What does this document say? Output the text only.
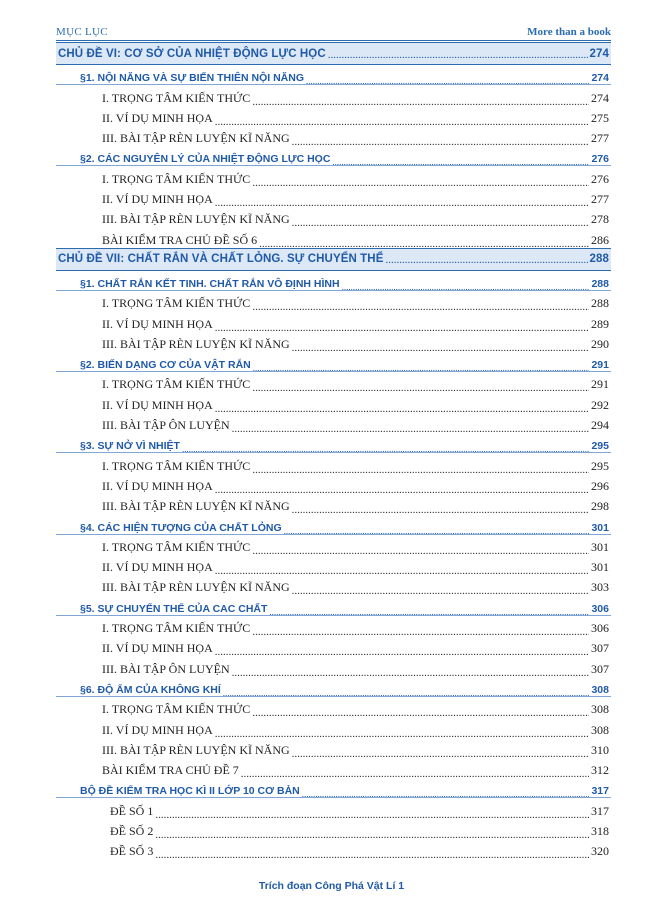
MỤC LỤC	More than a book
CHỦ ĐỀ VI: CƠ SỞ CỦA NHIỆT ĐỘNG LỰC HỌC .....	274
§1. NỘI NĂNG VÀ SỰ BIẾN THIÊN NỘI NĂNG .....	274
I. TRỌNG TÂM KIẾN THỨC .....	274
II. VÍ DỤ MINH HỌA .....	275
III. BÀI TẬP RÈN LUYỆN KĨ NĂNG .....	277
§2. CÁC NGUYÊN LÝ CỦA NHIỆT ĐỘNG LỰC HỌC .....	276
I. TRỌNG TÂM KIẾN THỨC .....	276
II. VÍ DỤ MINH HỌA .....	277
III. BÀI TẬP RÈN LUYỆN KĨ NĂNG .....	278
BÀI KIỂM TRA CHỦ ĐỀ SỐ 6 .....	286
CHỦ ĐỀ VII: CHẤT RẮN VÀ CHẤT LỎNG. SỰ CHUYỂN THỂ .....	288
§1. CHẤT RẮN KẾT TINH. CHẤT RẮN VÔ ĐỊNH HÌNH .....	288
I. TRỌNG TÂM KIẾN THỨC .....	288
II. VÍ DỤ MINH HỌA .....	289
III. BÀI TẬP RÈN LUYỆN KĨ NĂNG .....	290
§2. BIẾN DẠNG CƠ CỦA VẬT RẮN .....	291
I. TRỌNG TÂM KIẾN THỨC .....	291
II. VÍ DỤ MINH HỌA .....	292
III. BÀI TẬP ÔN LUYỆN .....	294
§3. SỰ NỞ VÌ NHIỆT .....	295
I. TRỌNG TÂM KIẾN THỨC .....	295
II. VÍ DỤ MINH HỌA .....	296
III. BÀI TẬP RÈN LUYỆN KĨ NĂNG .....	298
§4. CÁC HIỆN TƯỢNG CỦA CHẤT LỎNG .....	301
I. TRỌNG TÂM KIẾN THỨC .....	301
II. VÍ DỤ MINH HỌA .....	301
III. BÀI TẬP RÈN LUYỆN KĨ NĂNG .....	303
§5. SỰ CHUYỂN THỂ CỦA CAC CHẤT .....	306
I. TRỌNG TÂM KIẾN THỨC .....	306
II. VÍ DỤ MINH HỌA .....	307
III. BÀI TẬP ÔN LUYỆN .....	307
§6. ĐỘ ẨM CỦA KHÔNG KHÍ .....	308
I. TRỌNG TÂM KIẾN THỨC .....	308
II. VÍ DỤ MINH HỌA .....	308
III. BÀI TẬP RÈN LUYỆN KĨ NĂNG .....	310
BÀI KIỂM TRA CHỦ ĐỀ 7 .....	312
BỘ ĐỀ KIỂM TRA HỌC KÌ II LỚP 10 CƠ BẢN .....	317
ĐỀ SỐ 1 .....	317
ĐỀ SỐ 2 .....	318
ĐỀ SỐ 3 .....	320
Trích đoạn Công Phá Vật Lí 1
